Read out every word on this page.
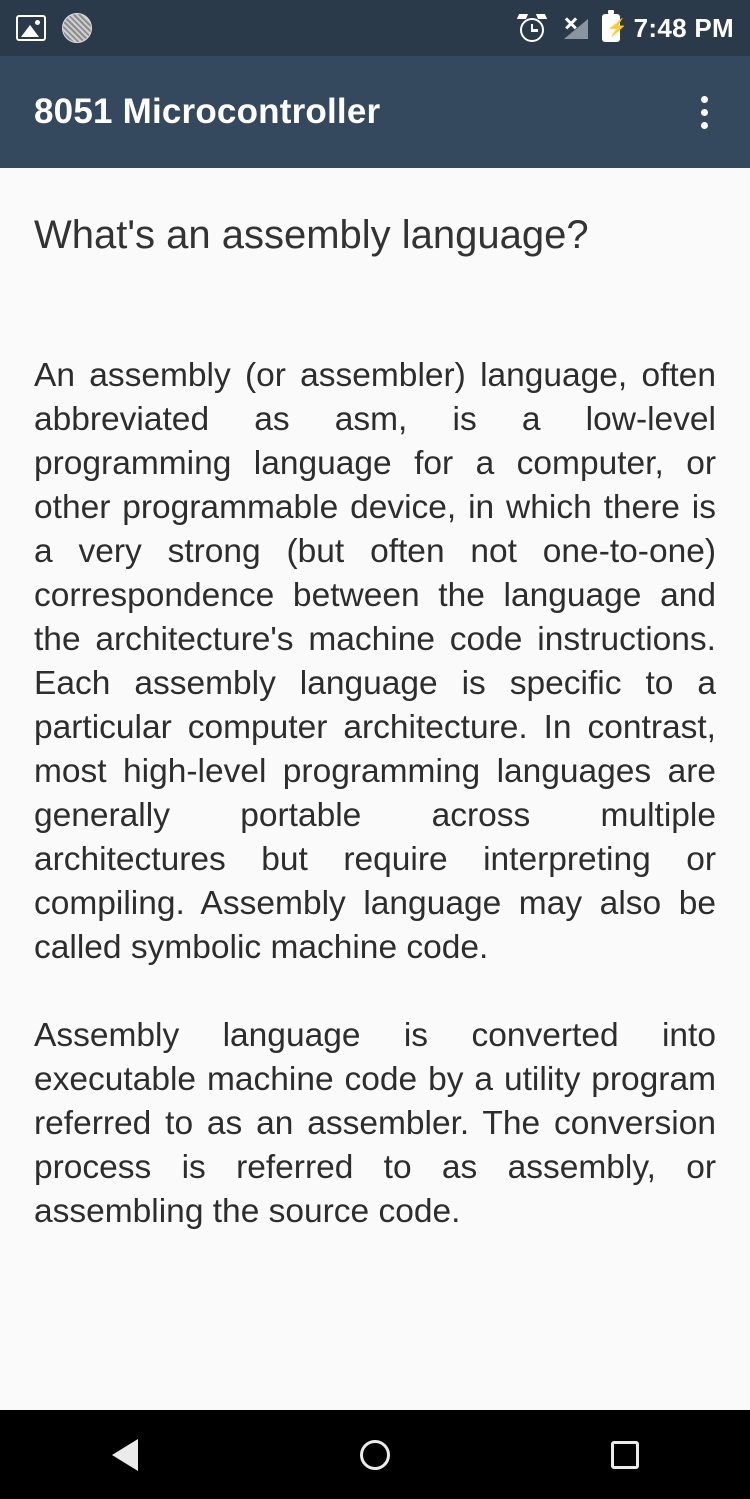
⚡ 7:48 PM
8051 Microcontroller
What's an assembly language?

An assembly (or assembler) language, often abbreviated as asm, is a low-level programming language for a computer, or other programmable device, in which there is a very strong (but often not one-to-one) correspondence between the language and the architecture's machine code instructions. Each assembly language is specific to a particular computer architecture. In contrast, most high-level programming languages are generally portable across multiple architectures but require interpreting or compiling. Assembly language may also be called symbolic machine code.

Assembly language is converted into executable machine code by a utility program referred to as an assembler. The conversion process is referred to as assembly, or assembling the source code.
